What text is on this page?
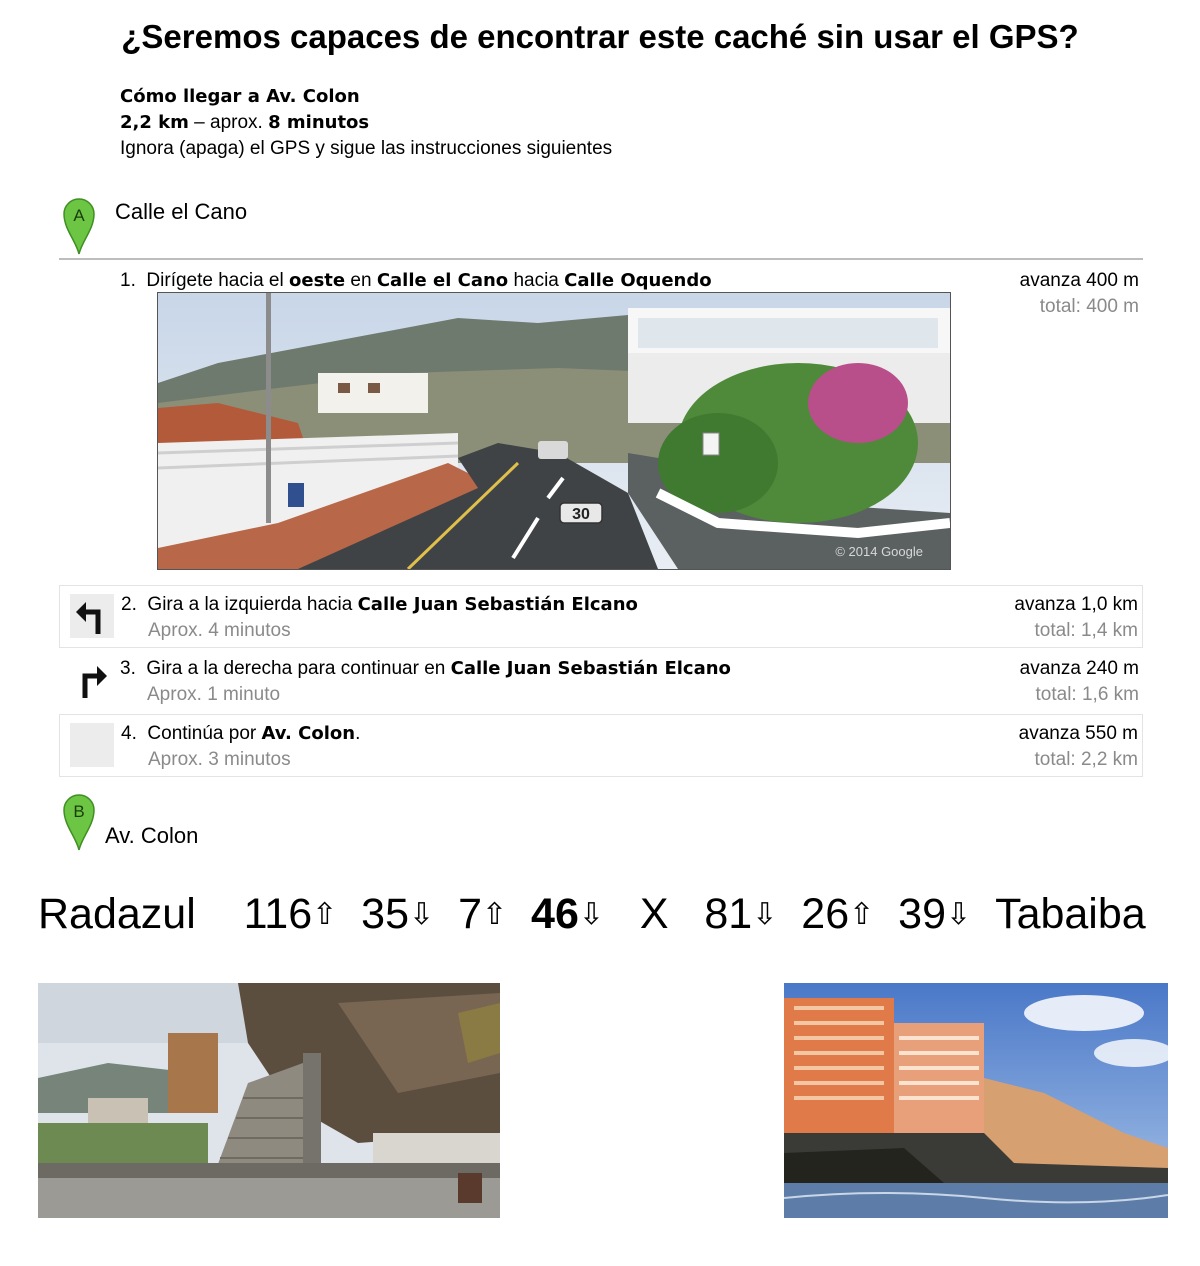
¿Seremos capaces de encontrar este caché sin usar el GPS?
Cómo llegar a Av. Colon
2,2 km – aprox. 8 minutos
Ignora (apaga) el GPS y sigue las instrucciones siguientes
A Calle el Cano
1. Dirígete hacia el oeste en Calle el Cano hacia Calle Oquendo	avanza 400 m
total: 400 m
30
© 2014 Google
2. Gira a la izquierda hacia Calle Juan Sebastián Elcano
Aprox. 4 minutos
avanza 1,0 km
total: 1,4 km
3. Gira a la derecha para continuar en Calle Juan Sebastián Elcano
Aprox. 1 minuto
avanza 240 m
total: 1,6 km
4. Continúa por Av. Colon.
Aprox. 3 minutos
avanza 550 m
total: 2,2 km
B
Av. Colon
Radazul 116⇧ 35⇩ 7⇧ 46⇩ X 81⇩ 26⇧ 39⇩ Tabaiba
